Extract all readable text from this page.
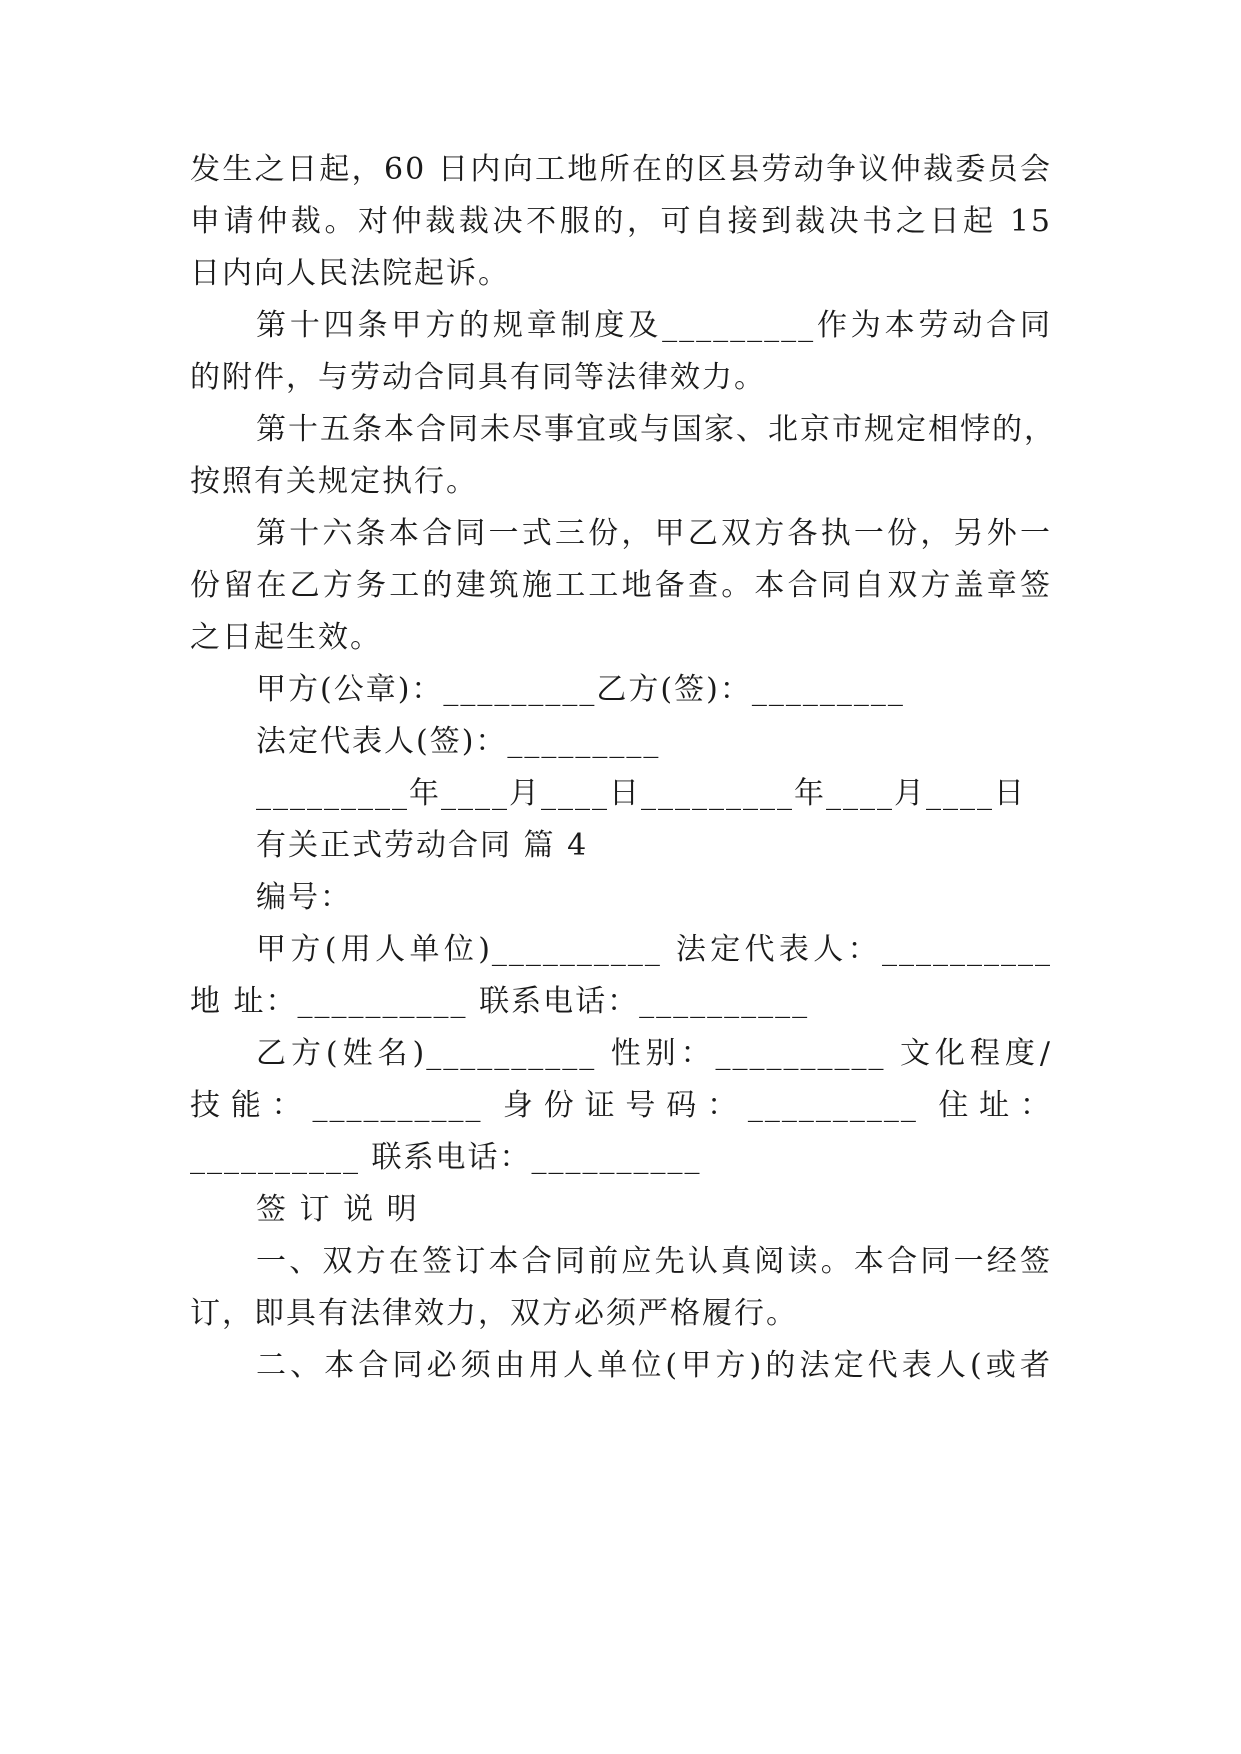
发生之日起，60 日内向工地所在的区县劳动争议仲裁委员会
申请仲裁。对仲裁裁决不服的，可自接到裁决书之日起 15
日内向人民法院起诉。
第十四条甲方的规章制度及_________作为本劳动合同
的附件，与劳动合同具有同等法律效力。
第十五条本合同未尽事宜或与国家、北京市规定相悖的，
按照有关规定执行。
第十六条本合同一式三份，甲乙双方各执一份，另外一
份留在乙方务工的建筑施工工地备查。本合同自双方盖章签
之日起生效。
甲方(公章)：_________乙方(签)：_________
法定代表人(签)：_________
_________年____月____日_________年____月____日
有关正式劳动合同 篇 4
编号：
甲方(用人单位)__________ 法定代表人：__________
地 址：__________ 联系电话：__________
乙方(姓名)__________ 性别：__________ 文化程度/
技能：__________ 身份证号码：__________ 住址：
__________ 联系电话：__________
签 订 说 明
一、双方在签订本合同前应先认真阅读。本合同一经签
订，即具有法律效力，双方必须严格履行。
二、本合同必须由用人单位(甲方)的法定代表人(或者
